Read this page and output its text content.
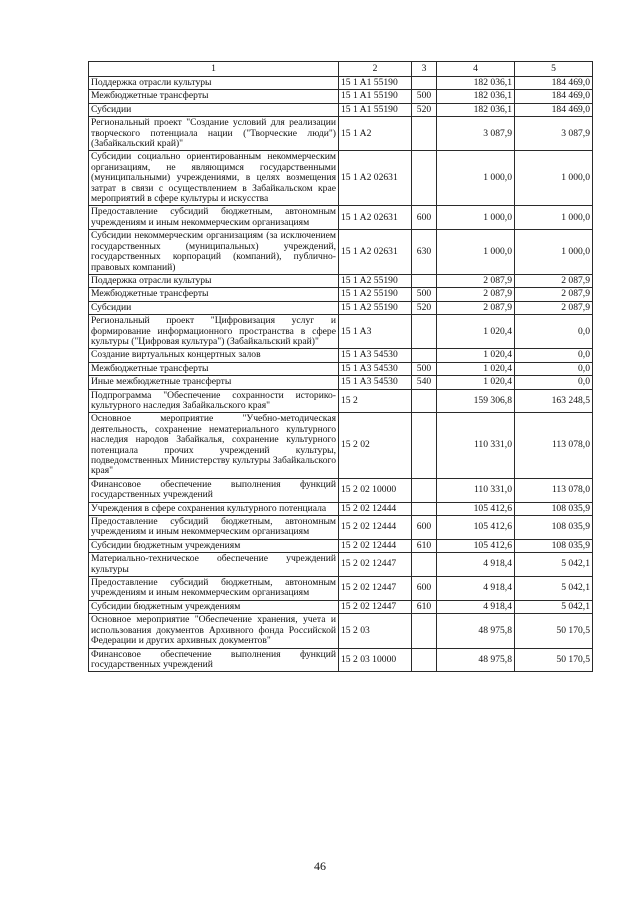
1	2	3	4	5
Поддержка отрасли культуры	15 1 A1 55190		182 036,1	184 469,0
Межбюджетные трансферты	15 1 A1 55190	500	182 036,1	184 469,0
Субсидии	15 1 A1 55190	520	182 036,1	184 469,0
Региональный проект "Создание условий для реализации творческого потенциала нации ("Творческие люди") (Забайкальский край)"	15 1 A2		3 087,9	3 087,9
Субсидии социально ориентированным некоммерческим организациям, не являющимся государственными (муниципальными) учреждениями, в целях возмещения затрат в связи с осуществлением в Забайкальском крае мероприятий в сфере культуры и искусства	15 1 A2 02631		1 000,0	1 000,0
Предоставление субсидий бюджетным, автономным учреждениям и иным некоммерческим организациям	15 1 A2 02631	600	1 000,0	1 000,0
Субсидии некоммерческим организациям (за исключением государственных (муниципальных) учреждений, государственных корпораций (компаний), публично-правовых компаний)	15 1 A2 02631	630	1 000,0	1 000,0
Поддержка отрасли культуры	15 1 A2 55190		2 087,9	2 087,9
Межбюджетные трансферты	15 1 A2 55190	500	2 087,9	2 087,9
Субсидии	15 1 A2 55190	520	2 087,9	2 087,9
Региональный проект "Цифровизация услуг и формирование информационного пространства в сфере культуры ("Цифровая культура") (Забайкальский край)"	15 1 A3		1 020,4	0,0
Создание виртуальных концертных залов	15 1 A3 54530		1 020,4	0,0
Межбюджетные трансферты	15 1 A3 54530	500	1 020,4	0,0
Иные межбюджетные трансферты	15 1 A3 54530	540	1 020,4	0,0
Подпрограмма "Обеспечение сохранности историко-культурного наследия Забайкальского края"	15 2		159 306,8	163 248,5
Основное мероприятие "Учебно-методическая деятельность, сохранение нематериального культурного наследия народов Забайкалья, сохранение культурного потенциала прочих учреждений культуры, подведомственных Министерству культуры Забайкальского края"	15 2 02		110 331,0	113 078,0
Финансовое обеспечение выполнения функций государственных учреждений	15 2 02 10000		110 331,0	113 078,0
Учреждения в сфере сохранения культурного потенциала	15 2 02 12444		105 412,6	108 035,9
Предоставление субсидий бюджетным, автономным учреждениям и иным некоммерческим организациям	15 2 02 12444	600	105 412,6	108 035,9
Субсидии бюджетным учреждениям	15 2 02 12444	610	105 412,6	108 035,9
Материально-техническое обеспечение учреждений культуры	15 2 02 12447		4 918,4	5 042,1
Предоставление субсидий бюджетным, автономным учреждениям и иным некоммерческим организациям	15 2 02 12447	600	4 918,4	5 042,1
Субсидии бюджетным учреждениям	15 2 02 12447	610	4 918,4	5 042,1
Основное мероприятие "Обеспечение хранения, учета и использования документов Архивного фонда Российской Федерации и других архивных документов"	15 2 03		48 975,8	50 170,5
Финансовое обеспечение выполнения функций государственных учреждений	15 2 03 10000		48 975,8	50 170,5
46
